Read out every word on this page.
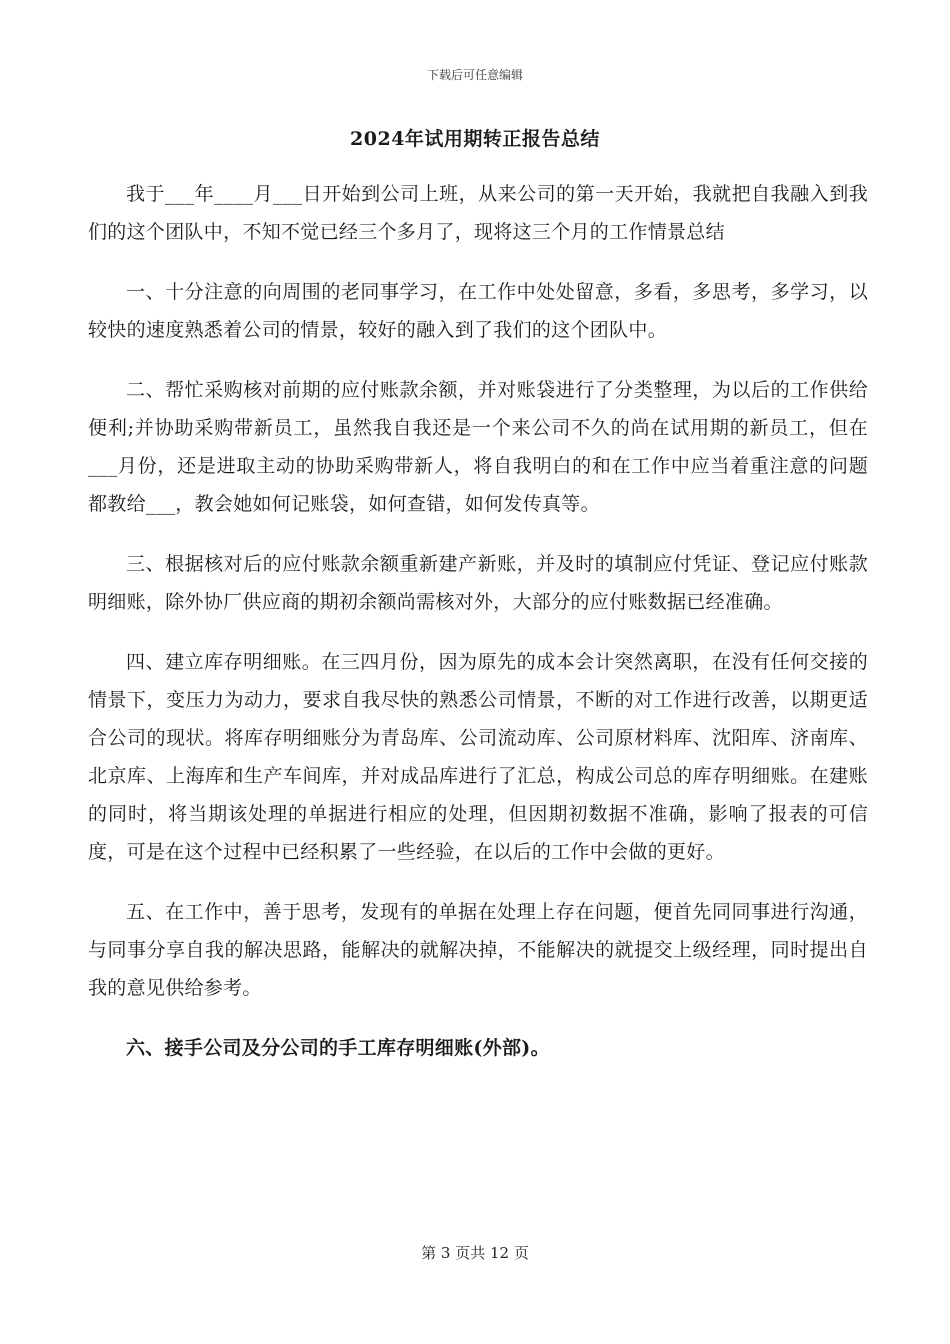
下载后可任意编辑
2024年试用期转正报告总结

我于___年____月___日开始到公司上班，从来公司的第一天开始，我就把自我融入到我们的这个团队中，不知不觉已经三个多月了，现将这三个月的工作情景总结

一、十分注意的向周围的老同事学习，在工作中处处留意，多看，多思考，多学习，以较快的速度熟悉着公司的情景，较好的融入到了我们的这个团队中。

二、帮忙采购核对前期的应付账款余额，并对账袋进行了分类整理，为以后的工作供给便利;并协助采购带新员工，虽然我自我还是一个来公司不久的尚在试用期的新员工，但在___月份，还是进取主动的协助采购带新人，将自我明白的和在工作中应当着重注意的问题都教给___，教会她如何记账袋，如何查错，如何发传真等。

三、根据核对后的应付账款余额重新建产新账，并及时的填制应付凭证、登记应付账款明细账，除外协厂供应商的期初余额尚需核对外，大部分的应付账数据已经准确。

四、建立库存明细账。在三四月份，因为原先的成本会计突然离职，在没有任何交接的情景下，变压力为动力，要求自我尽快的熟悉公司情景，不断的对工作进行改善，以期更适合公司的现状。将库存明细账分为青岛库、公司流动库、公司原材料库、沈阳库、济南库、北京库、上海库和生产车间库，并对成品库进行了汇总，构成公司总的库存明细账。在建账的同时，将当期该处理的单据进行相应的处理，但因期初数据不准确，影响了报表的可信度，可是在这个过程中已经积累了一些经验，在以后的工作中会做的更好。

五、在工作中，善于思考，发现有的单据在处理上存在问题，便首先同同事进行沟通，与同事分享自我的解决思路，能解决的就解决掉，不能解决的就提交上级经理，同时提出自我的意见供给参考。

六、接手公司及分公司的手工库存明细账(外部)。

第 3 页共 12 页
